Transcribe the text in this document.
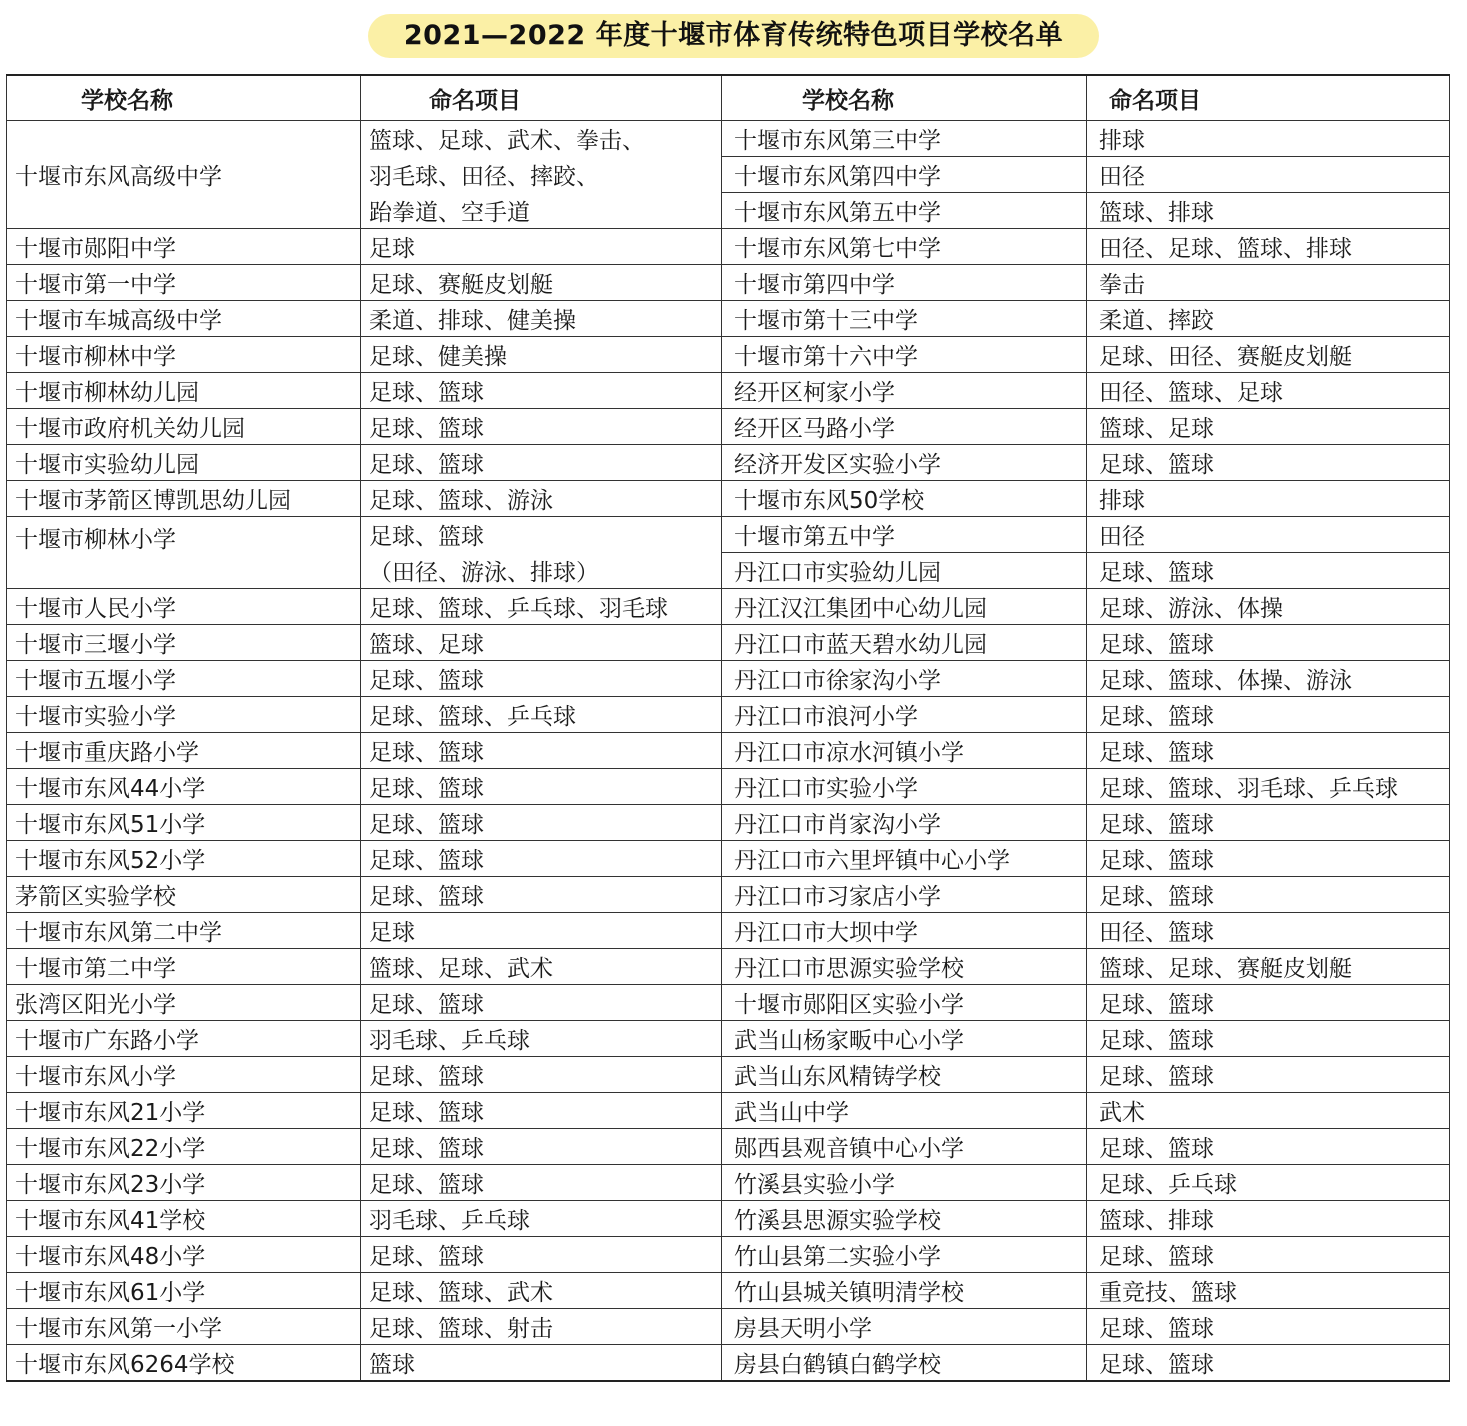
2021—2022 年度十堰市体育传统特色项目学校名单
学校名称	命名项目	学校名称	命名项目
十堰市东风高级中学	篮球、足球、武术、拳击、	十堰市东风第三中学	排球
	羽毛球、田径、摔跤、	十堰市东风第四中学	田径
	跆拳道、空手道	十堰市东风第五中学	篮球、排球
十堰市郧阳中学	足球	十堰市东风第七中学	田径、足球、篮球、排球
十堰市第一中学	足球、赛艇皮划艇	十堰市第四中学	拳击
十堰市车城高级中学	柔道、排球、健美操	十堰市第十三中学	柔道、摔跤
十堰市柳林中学	足球、健美操	十堰市第十六中学	足球、田径、赛艇皮划艇
十堰市柳林幼儿园	足球、篮球	经开区柯家小学	田径、篮球、足球
十堰市政府机关幼儿园	足球、篮球	经开区马路小学	篮球、足球
十堰市实验幼儿园	足球、篮球	经济开发区实验小学	足球、篮球
十堰市茅箭区博凯思幼儿园	足球、篮球、游泳	十堰市东风50学校	排球
十堰市柳林小学	足球、篮球	十堰市第五中学	田径
	（田径、游泳、排球）	丹江口市实验幼儿园	足球、篮球
十堰市人民小学	足球、篮球、乒乓球、羽毛球	丹江汉江集团中心幼儿园	足球、游泳、体操
十堰市三堰小学	篮球、足球	丹江口市蓝天碧水幼儿园	足球、篮球
十堰市五堰小学	足球、篮球	丹江口市徐家沟小学	足球、篮球、体操、游泳
十堰市实验小学	足球、篮球、乒乓球	丹江口市浪河小学	足球、篮球
十堰市重庆路小学	足球、篮球	丹江口市凉水河镇小学	足球、篮球
十堰市东风44小学	足球、篮球	丹江口市实验小学	足球、篮球、羽毛球、乒乓球
十堰市东风51小学	足球、篮球	丹江口市肖家沟小学	足球、篮球
十堰市东风52小学	足球、篮球	丹江口市六里坪镇中心小学	足球、篮球
茅箭区实验学校	足球、篮球	丹江口市习家店小学	足球、篮球
十堰市东风第二中学	足球	丹江口市大坝中学	田径、篮球
十堰市第二中学	篮球、足球、武术	丹江口市思源实验学校	篮球、足球、赛艇皮划艇
张湾区阳光小学	足球、篮球	十堰市郧阳区实验小学	足球、篮球
十堰市广东路小学	羽毛球、乒乓球	武当山杨家畈中心小学	足球、篮球
十堰市东风小学	足球、篮球	武当山东风精铸学校	足球、篮球
十堰市东风21小学	足球、篮球	武当山中学	武术
十堰市东风22小学	足球、篮球	郧西县观音镇中心小学	足球、篮球
十堰市东风23小学	足球、篮球	竹溪县实验小学	足球、乒乓球
十堰市东风41学校	羽毛球、乒乓球	竹溪县思源实验学校	篮球、排球
十堰市东风48小学	足球、篮球	竹山县第二实验小学	足球、篮球
十堰市东风61小学	足球、篮球、武术	竹山县城关镇明清学校	重竞技、篮球
十堰市东风第一小学	足球、篮球、射击	房县天明小学	足球、篮球
十堰市东风6264学校	篮球	房县白鹤镇白鹤学校	足球、篮球
